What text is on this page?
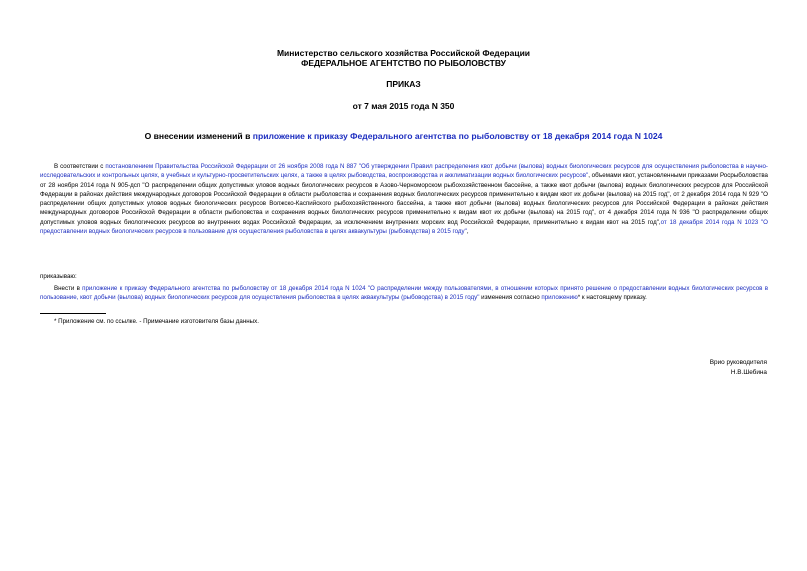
Министерство сельского хозяйства Российской Федерации
ФЕДЕРАЛЬНОЕ АГЕНТСТВО ПО РЫБОЛОВСТВУ
ПРИКАЗ
от 7 мая 2015 года N 350
О внесении изменений в приложение к приказу Федерального агентства по рыболовству от 18 декабря 2014 года N 1024
В соответствии с постановлением Правительства Российской Федерации от 26 ноября 2008 года N 887 "Об утверждении Правил распределения квот добычи (вылова) водных биологических ресурсов для осуществления рыболовства в научно-исследовательских и контрольных целях, в учебных и культурно-просветительских целях, а также в целях рыбоводства, воспроизводства и акклиматизации водных биологических ресурсов", объемами квот, установленными приказами Росрыболовства от 28 ноября 2014 года N 905-дсп "О распределении общих допустимых уловов водных биологических ресурсов в Азово-Черноморском рыбохозяйственном бассейне, а также квот добычи (вылова) водных биологических ресурсов для Российской Федерации в районах действия международных договоров Российской Федерации в области рыболовства и сохранения водных биологических ресурсов применительно к видам квот их добычи (вылова) на 2015 год", от 2 декабря 2014 года N 929 "О распределении общих допустимых уловов водных биологических ресурсов Волжско-Каспийского рыбохозяйственного бассейна, а также квот добычи (вылова) водных биологических ресурсов для Российской Федерации в районах действия международных договоров Российской Федерации в области рыболовства и сохранения водных биологических ресурсов применительно к видам квот их добычи (вылова) на 2015 год", от 4 декабря 2014 года N 936 "О распределении общих допустимых уловов водных биологических ресурсов во внутренних водах Российской Федерации, за исключением внутренних морских вод Российской Федерации, применительно к видам квот на 2015 год",от 18 декабря 2014 года N 1023 "О предоставлении водных биологических ресурсов в пользование для осуществления рыболовства в целях аквакультуры (рыбоводства) в 2015 году",
приказываю:
Внести в приложение к приказу Федерального агентства по рыболовству от 18 декабря 2014 года N 1024 "О распределении между пользователями, в отношении которых принято решение о предоставлении водных биологических ресурсов в пользование, квот добычи (вылова) водных биологических ресурсов для осуществления рыболовства в целях аквакультуры (рыбоводства) в 2015 году" изменения согласно приложению* к настоящему приказу.
* Приложение см. по ссылке. - Примечание изготовителя базы данных.
Врио руководителя
Н.В.Шебина
